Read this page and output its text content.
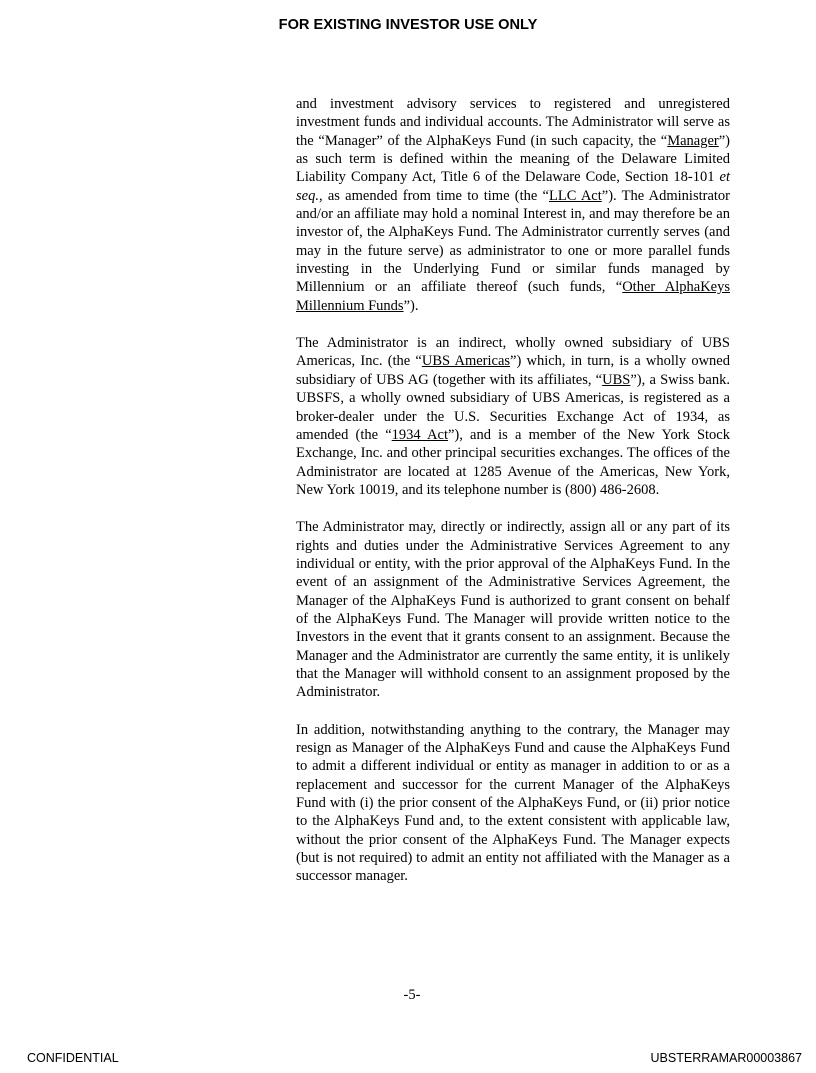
FOR EXISTING INVESTOR USE ONLY

and investment advisory services to registered and unregistered investment funds and individual accounts. The Administrator will serve as the “Manager” of the AlphaKeys Fund (in such capacity, the “Manager”) as such term is defined within the meaning of the Delaware Limited Liability Company Act, Title 6 of the Delaware Code, Section 18-101 et seq., as amended from time to time (the “LLC Act”). The Administrator and/or an affiliate may hold a nominal Interest in, and may therefore be an investor of, the AlphaKeys Fund. The Administrator currently serves (and may in the future serve) as administrator to one or more parallel funds investing in the Underlying Fund or similar funds managed by Millennium or an affiliate thereof (such funds, “Other AlphaKeys Millennium Funds”).

The Administrator is an indirect, wholly owned subsidiary of UBS Americas, Inc. (the “UBS Americas”) which, in turn, is a wholly owned subsidiary of UBS AG (together with its affiliates, “UBS”), a Swiss bank. UBSFS, a wholly owned subsidiary of UBS Americas, is registered as a broker-dealer under the U.S. Securities Exchange Act of 1934, as amended (the “1934 Act”), and is a member of the New York Stock Exchange, Inc. and other principal securities exchanges. The offices of the Administrator are located at 1285 Avenue of the Americas, New York, New York 10019, and its telephone number is (800) 486-2608.

The Administrator may, directly or indirectly, assign all or any part of its rights and duties under the Administrative Services Agreement to any individual or entity, with the prior approval of the AlphaKeys Fund. In the event of an assignment of the Administrative Services Agreement, the Manager of the AlphaKeys Fund is authorized to grant consent on behalf of the AlphaKeys Fund. The Manager will provide written notice to the Investors in the event that it grants consent to an assignment. Because the Manager and the Administrator are currently the same entity, it is unlikely that the Manager will withhold consent to an assignment proposed by the Administrator.

In addition, notwithstanding anything to the contrary, the Manager may resign as Manager of the AlphaKeys Fund and cause the AlphaKeys Fund to admit a different individual or entity as manager in addition to or as a replacement and successor for the current Manager of the AlphaKeys Fund with (i) the prior consent of the AlphaKeys Fund, or (ii) prior notice to the AlphaKeys Fund and, to the extent consistent with applicable law, without the prior consent of the AlphaKeys Fund. The Manager expects (but is not required) to admit an entity not affiliated with the Manager as a successor manager.

-5-
CONFIDENTIAL	UBSTERRAMAR00003867
